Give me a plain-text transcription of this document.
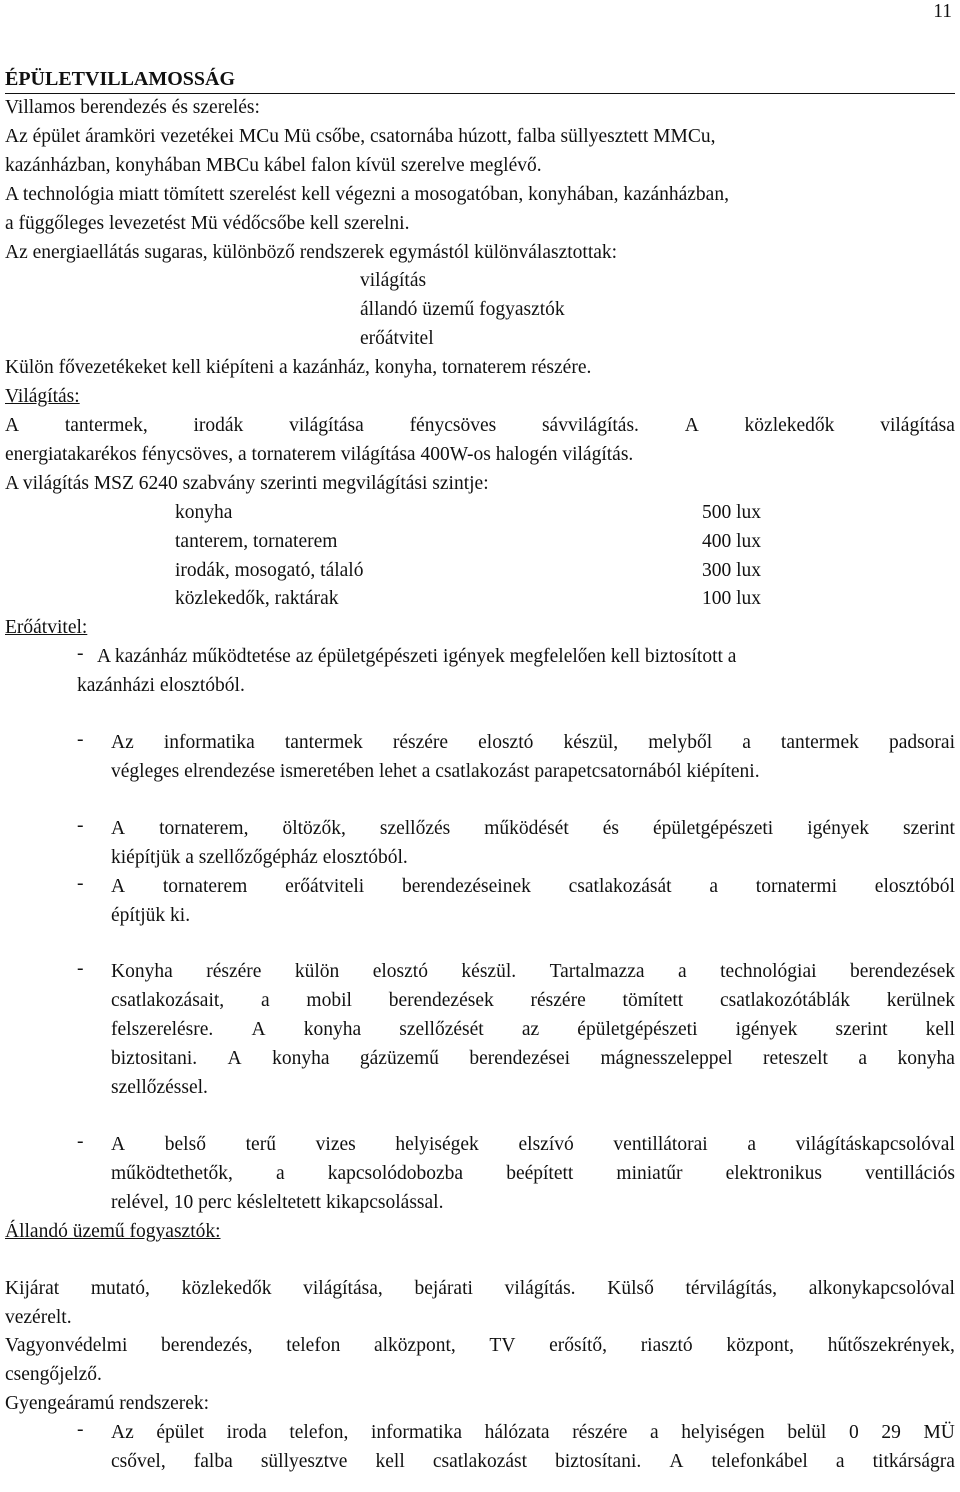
11
ÉPÜLETVILLAMOSSÁG
Villamos berendezés és szerelés:
Az épület áramköri vezetékei MCu Mü csőbe, csatornába húzott, falba süllyesztett MMCu,
kazánházban, konyhában MBCu kábel falon kívül szerelve meglévő.
A technológia miatt tömített szerelést kell végezni a mosogatóban, konyhában, kazánházban,
a függőleges levezetést Mü védőcsőbe kell szerelni.
Az energiaellátás sugaras, különböző rendszerek egymástól különválasztottak:
világítás
állandó üzemű fogyasztók
erőátvitel
Külön fővezetékeket kell kiépíteni a kazánház, konyha, tornaterem részére.
Világítás:
A tantermek, irodák világítása fénycsöves sávvilágítás. A közlekedők világítása
energiatakarékos fénycsöves, a tornaterem világítása 400W-os halogén világítás.
A világítás MSZ 6240 szabvány szerinti megvilágítási szintje:
konyha	500 lux
tanterem, tornaterem	400 lux
irodák, mosogató, tálaló	300 lux
közlekedők, raktárak	100 lux
Erőátvitel:
- A kazánház működtetése az épületgépészeti igények megfelelően kell biztosított a
kazánházi elosztóból.
-	Az informatika tantermek részére elosztó készül, melyből a tantermek padsorai
végleges elrendezése ismeretében lehet a csatlakozást parapetcsatornából kiépíteni.
-	A tornaterem, öltözők, szellőzés működését és épületgépészeti igények szerint
kiépítjük a szellőzőgépház elosztóból.
-	A tornaterem erőátviteli berendezéseinek csatlakozását a tornatermi elosztóból
építjük ki.
-	Konyha részére külön elosztó készül. Tartalmazza a technológiai berendezések
csatlakozásait, a mobil berendezések részére tömített csatlakozótáblák kerülnek
felszerelésre. A konyha szellőzését az épületgépészeti igények szerint kell
biztositani. A konyha gázüzemű berendezései mágnesszeleppel reteszelt a konyha
szellőzéssel.
-	A belső terű vizes helyiségek elszívó ventillátorai a világításkapcsolóval
működtethetők, a kapcsolódobozba beépített miniatűr elektronikus ventillációs
relével, 10 perc késleltetett kikapcsolással.
Állandó üzemű fogyasztók:
Kijárat mutató, közlekedők világítása, bejárati világítás. Külső térvilágítás, alkonykapcsolóval
vezérelt.
Vagyonvédelmi berendezés, telefon alközpont, TV erősítő, riasztó központ, hűtőszekrények,
csengőjelző.
Gyengeáramú rendszerek:
-	Az épület iroda telefon, informatika hálózata részére a helyiségen belül 0 29 MÜ
csővel, falba süllyesztve kell csatlakozást biztosítani. A telefonkábel a titkárságra
